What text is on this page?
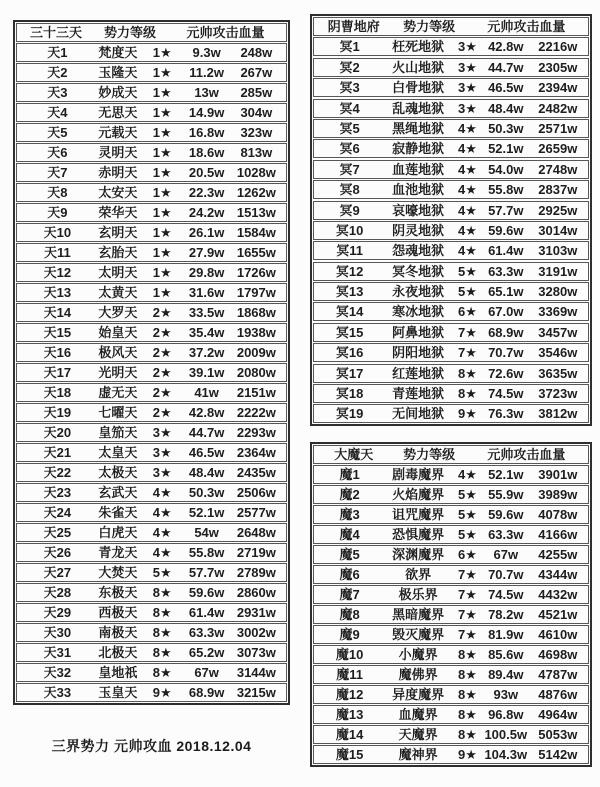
三十三天	势力等级	元帅攻击血量
天1	梵度天	1★	9.3w	248w
天2	玉隆天	1★	11.2w	267w
天3	妙成天	1★	13w	285w
天4	无思天	1★	14.9w	304w
天5	元载天	1★	16.8w	323w
天6	灵明天	1★	18.6w	813w
天7	赤明天	1★	20.5w 1028w
天8	太安天	1★	22.3w 1262w
天9	荣华天	1★	24.2w 1513w
天10	玄明天	1★	26.1w 1584w
天11	玄胎天	1★	27.9w 1655w
天12	太明天	1★	29.8w 1726w
天13	太黄天	1★	31.6w 1797w
天14	大罗天	2★	33.5w 1868w
天15	始皇天	2★	35.4w 1938w
天16	极风天	2★	37.2w 2009w
天17	光明天	2★	39.1w 2080w
天18	虚无天	2★	41w	2151w
天19	七曜天	2★	42.8w 2222w
天20	皇笳天	3★	44.7w 2293w
天21	太皇天	3★	46.5w 2364w
天22	太极天	3★	48.4w 2435w
天23	玄武天	4★	50.3w 2506w
天24	朱雀天	4★	52.1w 2577w
天25	白虎天	4★	54w	2648w
天26	青龙天	4★	55.8w 2719w
天27	大焚天	5★	57.7w 2789w
天28	东极天	8★	59.6w 2860w
天29	西极天	8★	61.4w 2931w
天30	南极天	8★	63.3w 3002w
天31	北极天	8★	65.2w 3073w
天32	皇地祇	8★	67w	3144w
天33	玉皇天	9★	68.9w 3215w
阴曹地府	势力等级	元帅攻击血量
冥1	枉死地狱	3★ 42.8w	2216w
冥2	火山地狱	3★ 44.7w	2305w
冥3	白骨地狱	3★ 46.5w	2394w
冥4	乱魂地狱	3★ 48.4w	2482w
冥5	黑绳地狱	4★ 50.3w	2571w
冥6	寂静地狱	4★ 52.1w	2659w
冥7	血莲地狱	4★ 54.0w	2748w
冥8	血池地狱	4★ 55.8w	2837w
冥9	哀嚎地狱	4★ 57.7w	2925w
冥10	阴灵地狱	4★ 59.6w	3014w
冥11	怨魂地狱	4★ 61.4w	3103w
冥12	冥冬地狱	5★ 63.3w	3191w
冥13	永夜地狱	5★ 65.1w	3280w
冥14	寒冰地狱	6★ 67.0w	3369w
冥15	阿鼻地狱	7★ 68.9w	3457w
冥16	阴阳地狱	7★ 70.7w	3546w
冥17	红莲地狱	8★ 72.6w	3635w
冥18	青莲地狱	8★ 74.5w	3723w
冥19	无间地狱	9★ 76.3w	3812w
大魔天	势力等级	元帅攻击血量
魔1	剧毒魔界	4★ 52.1w	3901w
魔2	火焰魔界	5★ 55.9w	3989w
魔3	诅咒魔界	5★ 59.6w	4078w
魔4	恐惧魔界	5★ 63.3w	4166w
魔5	深渊魔界	6★	67w	4255w
魔6	欲界	7★ 70.7w	4344w
魔7	极乐界	7★ 74.5w	4432w
魔8	黑暗魔界	7★ 78.2w	4521w
魔9	毁灭魔界	7★ 81.9w	4610w
魔10	小魔界	8★ 85.6w	4698w
魔11	魔佛界	8★ 89.4w	4787w
魔12	异度魔界	8★	93w	4876w
魔13	血魔界	8★ 96.8w	4964w
魔14	天魔界	8★ 100.5w 5053w
魔15	魔神界	9★ 104.3w 5142w
三界势力 元帅攻血 2018.12.04
